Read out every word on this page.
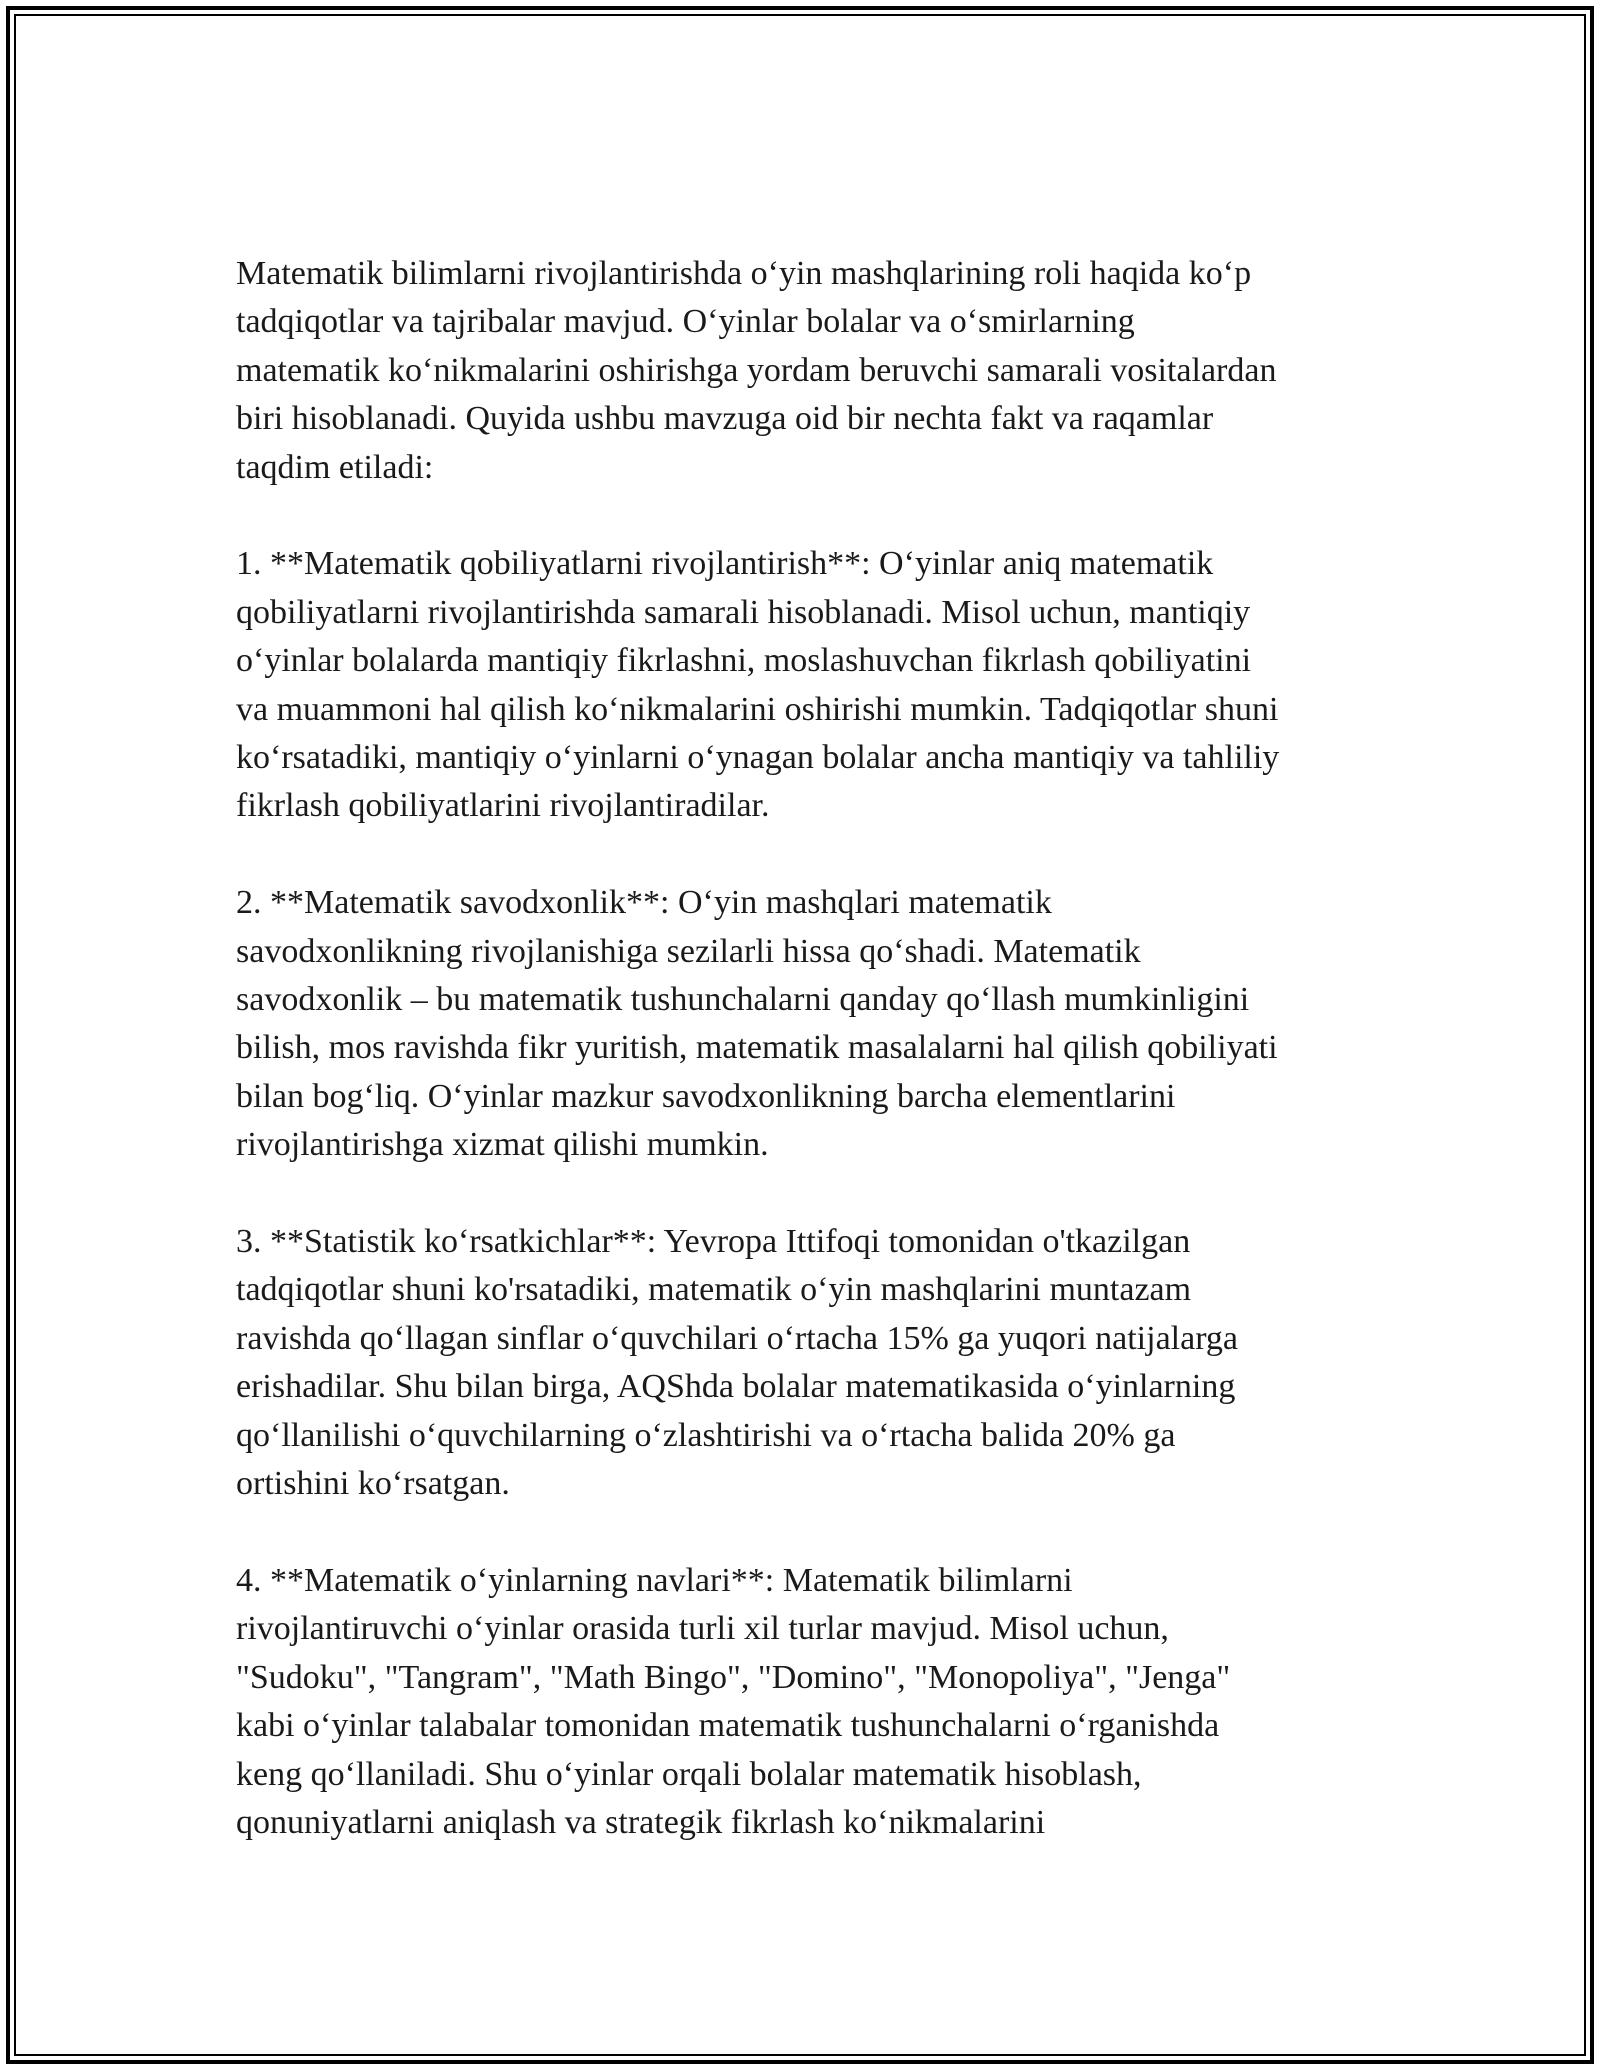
Matematik bilimlarni rivojlantirishda o‘yin mashqlarining roli haqida ko‘p
tadqiqotlar va tajribalar mavjud. O‘yinlar bolalar va o‘smirlarning
matematik ko‘nikmalarini oshirishga yordam beruvchi samarali vositalardan
biri hisoblanadi. Quyida ushbu mavzuga oid bir nechta fakt va raqamlar
taqdim etiladi:

1. **Matematik qobiliyatlarni rivojlantirish**: O‘yinlar aniq matematik
qobiliyatlarni rivojlantirishda samarali hisoblanadi. Misol uchun, mantiqiy
o‘yinlar bolalarda mantiqiy fikrlashni, moslashuvchan fikrlash qobiliyatini
va muammoni hal qilish ko‘nikmalarini oshirishi mumkin. Tadqiqotlar shuni
ko‘rsatadiki, mantiqiy o‘yinlarni o‘ynagan bolalar ancha mantiqiy va tahliliy
fikrlash qobiliyatlarini rivojlantiradilar.

2. **Matematik savodxonlik**: O‘yin mashqlari matematik
savodxonlikning rivojlanishiga sezilarli hissa qo‘shadi. Matematik
savodxonlik – bu matematik tushunchalarni qanday qo‘llash mumkinligini
bilish, mos ravishda fikr yuritish, matematik masalalarni hal qilish qobiliyati
bilan bog‘liq. O‘yinlar mazkur savodxonlikning barcha elementlarini
rivojlantirishga xizmat qilishi mumkin.

3. **Statistik ko‘rsatkichlar**: Yevropa Ittifoqi tomonidan o'tkazilgan
tadqiqotlar shuni ko'rsatadiki, matematik o‘yin mashqlarini muntazam
ravishda qo‘llagan sinflar o‘quvchilari o‘rtacha 15% ga yuqori natijalarga
erishadilar. Shu bilan birga, AQShda bolalar matematikasida o‘yinlarning
qo‘llanilishi o‘quvchilarning o‘zlashtirishi va o‘rtacha balida 20% ga
ortishini ko‘rsatgan.

4. **Matematik o‘yinlarning navlari**: Matematik bilimlarni
rivojlantiruvchi o‘yinlar orasida turli xil turlar mavjud. Misol uchun,
"Sudoku", "Tangram", "Math Bingo", "Domino", "Monopoliya", "Jenga"
kabi o‘yinlar talabalar tomonidan matematik tushunchalarni o‘rganishda
keng qo‘llaniladi. Shu o‘yinlar orqali bolalar matematik hisoblash,
qonuniyatlarni aniqlash va strategik fikrlash ko‘nikmalarini
